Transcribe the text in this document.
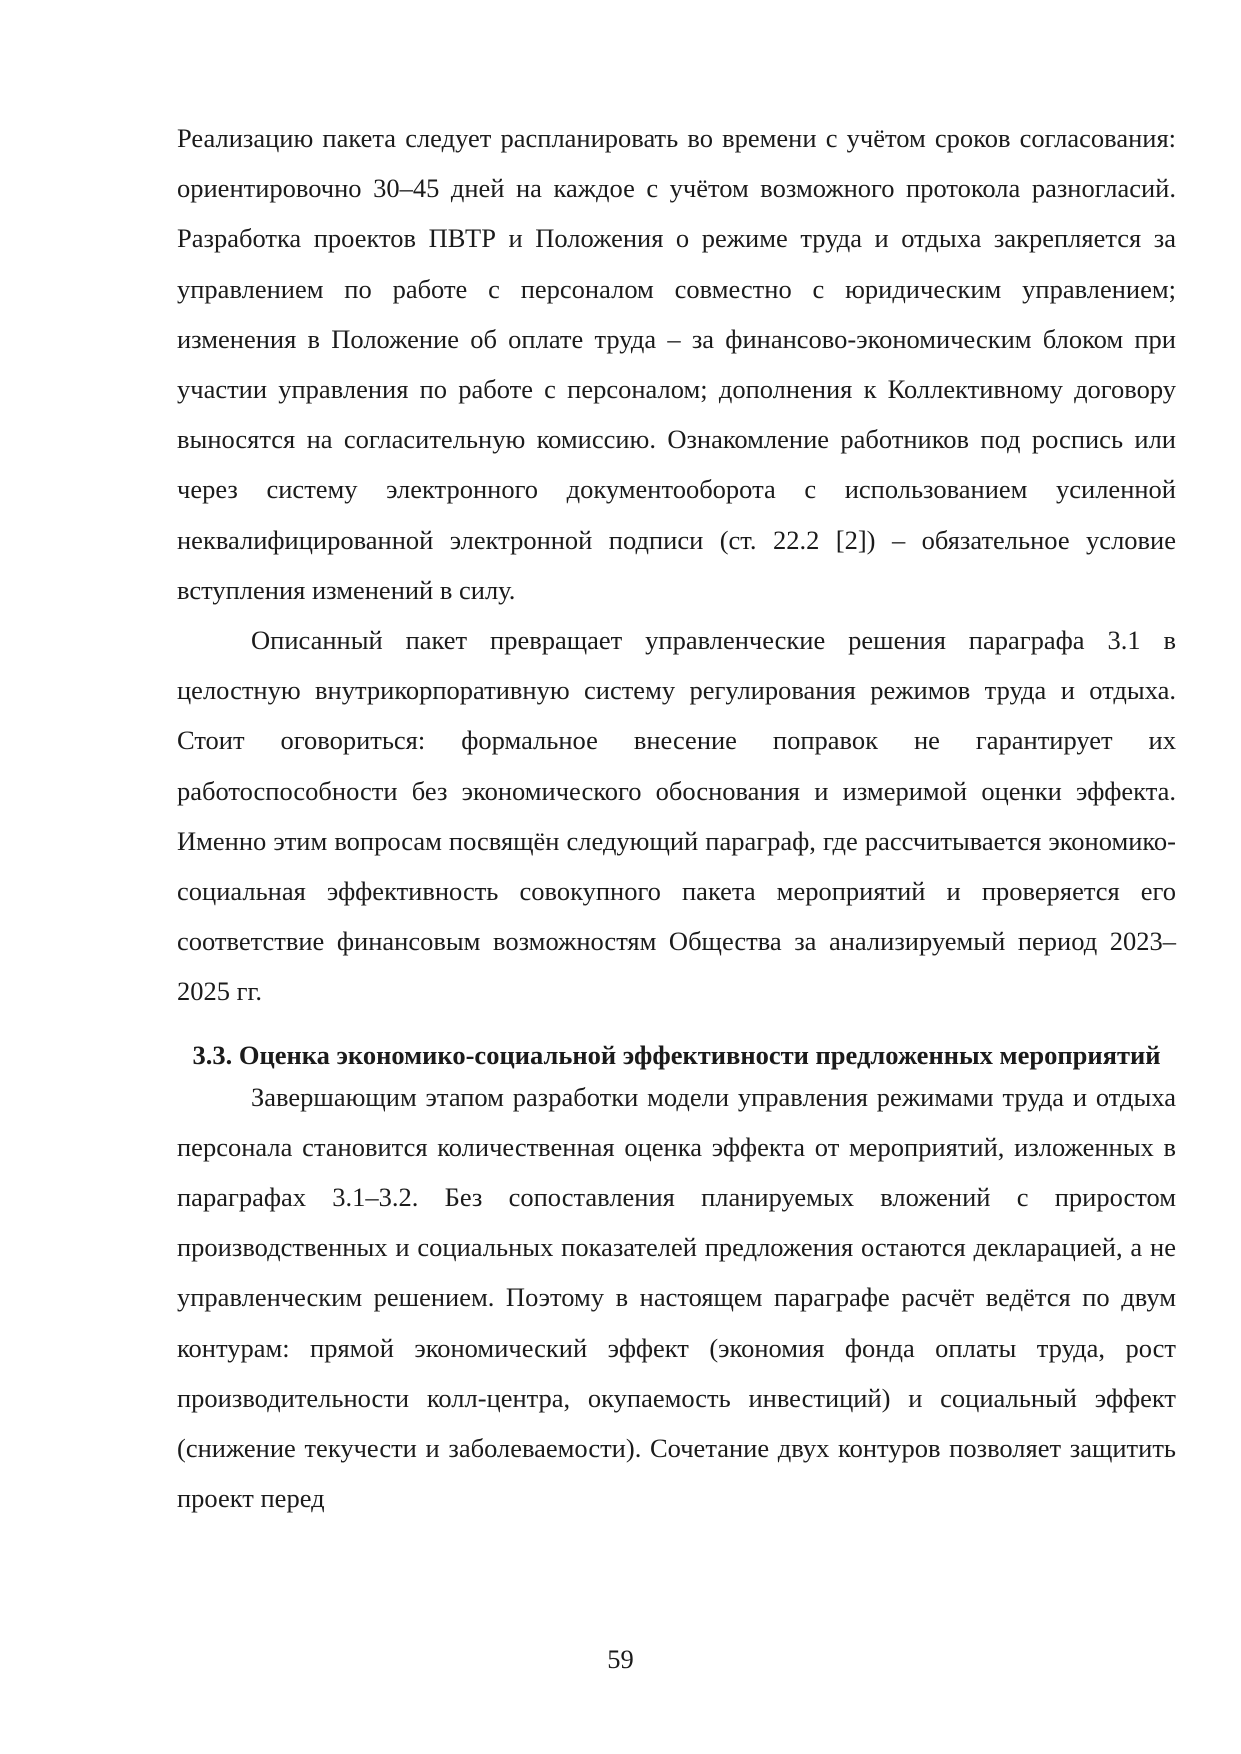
Реализацию пакета следует распланировать во времени с учётом сроков согласования: ориентировочно 30–45 дней на каждое с учётом возможного протокола разногласий. Разработка проектов ПВТР и Положения о режиме труда и отдыха закрепляется за управлением по работе с персоналом совместно с юридическим управлением; изменения в Положение об оплате труда – за финансово-экономическим блоком при участии управления по работе с персоналом; дополнения к Коллективному договору выносятся на согласительную комиссию. Ознакомление работников под роспись или через систему электронного документооборота с использованием усиленной неквалифицированной электронной подписи (ст. 22.2 [2]) – обязательное условие вступления изменений в силу.

Описанный пакет превращает управленческие решения параграфа 3.1 в целостную внутрикорпоративную систему регулирования режимов труда и отдыха. Стоит оговориться: формальное внесение поправок не гарантирует их работоспособности без экономического обоснования и измеримой оценки эффекта. Именно этим вопросам посвящён следующий параграф, где рассчитывается экономико-социальная эффективность совокупного пакета мероприятий и проверяется его соответствие финансовым возможностям Общества за анализируемый период 2023–2025 гг.

3.3. Оценка экономико-социальной эффективности предложенных мероприятий

Завершающим этапом разработки модели управления режимами труда и отдыха персонала становится количественная оценка эффекта от мероприятий, изложенных в параграфах 3.1–3.2. Без сопоставления планируемых вложений с приростом производственных и социальных показателей предложения остаются декларацией, а не управленческим решением. Поэтому в настоящем параграфе расчёт ведётся по двум контурам: прямой экономический эффект (экономия фонда оплаты труда, рост производительности колл-центра, окупаемость инвестиций) и социальный эффект (снижение текучести и заболеваемости). Сочетание двух контуров позволяет защитить проект перед

59
